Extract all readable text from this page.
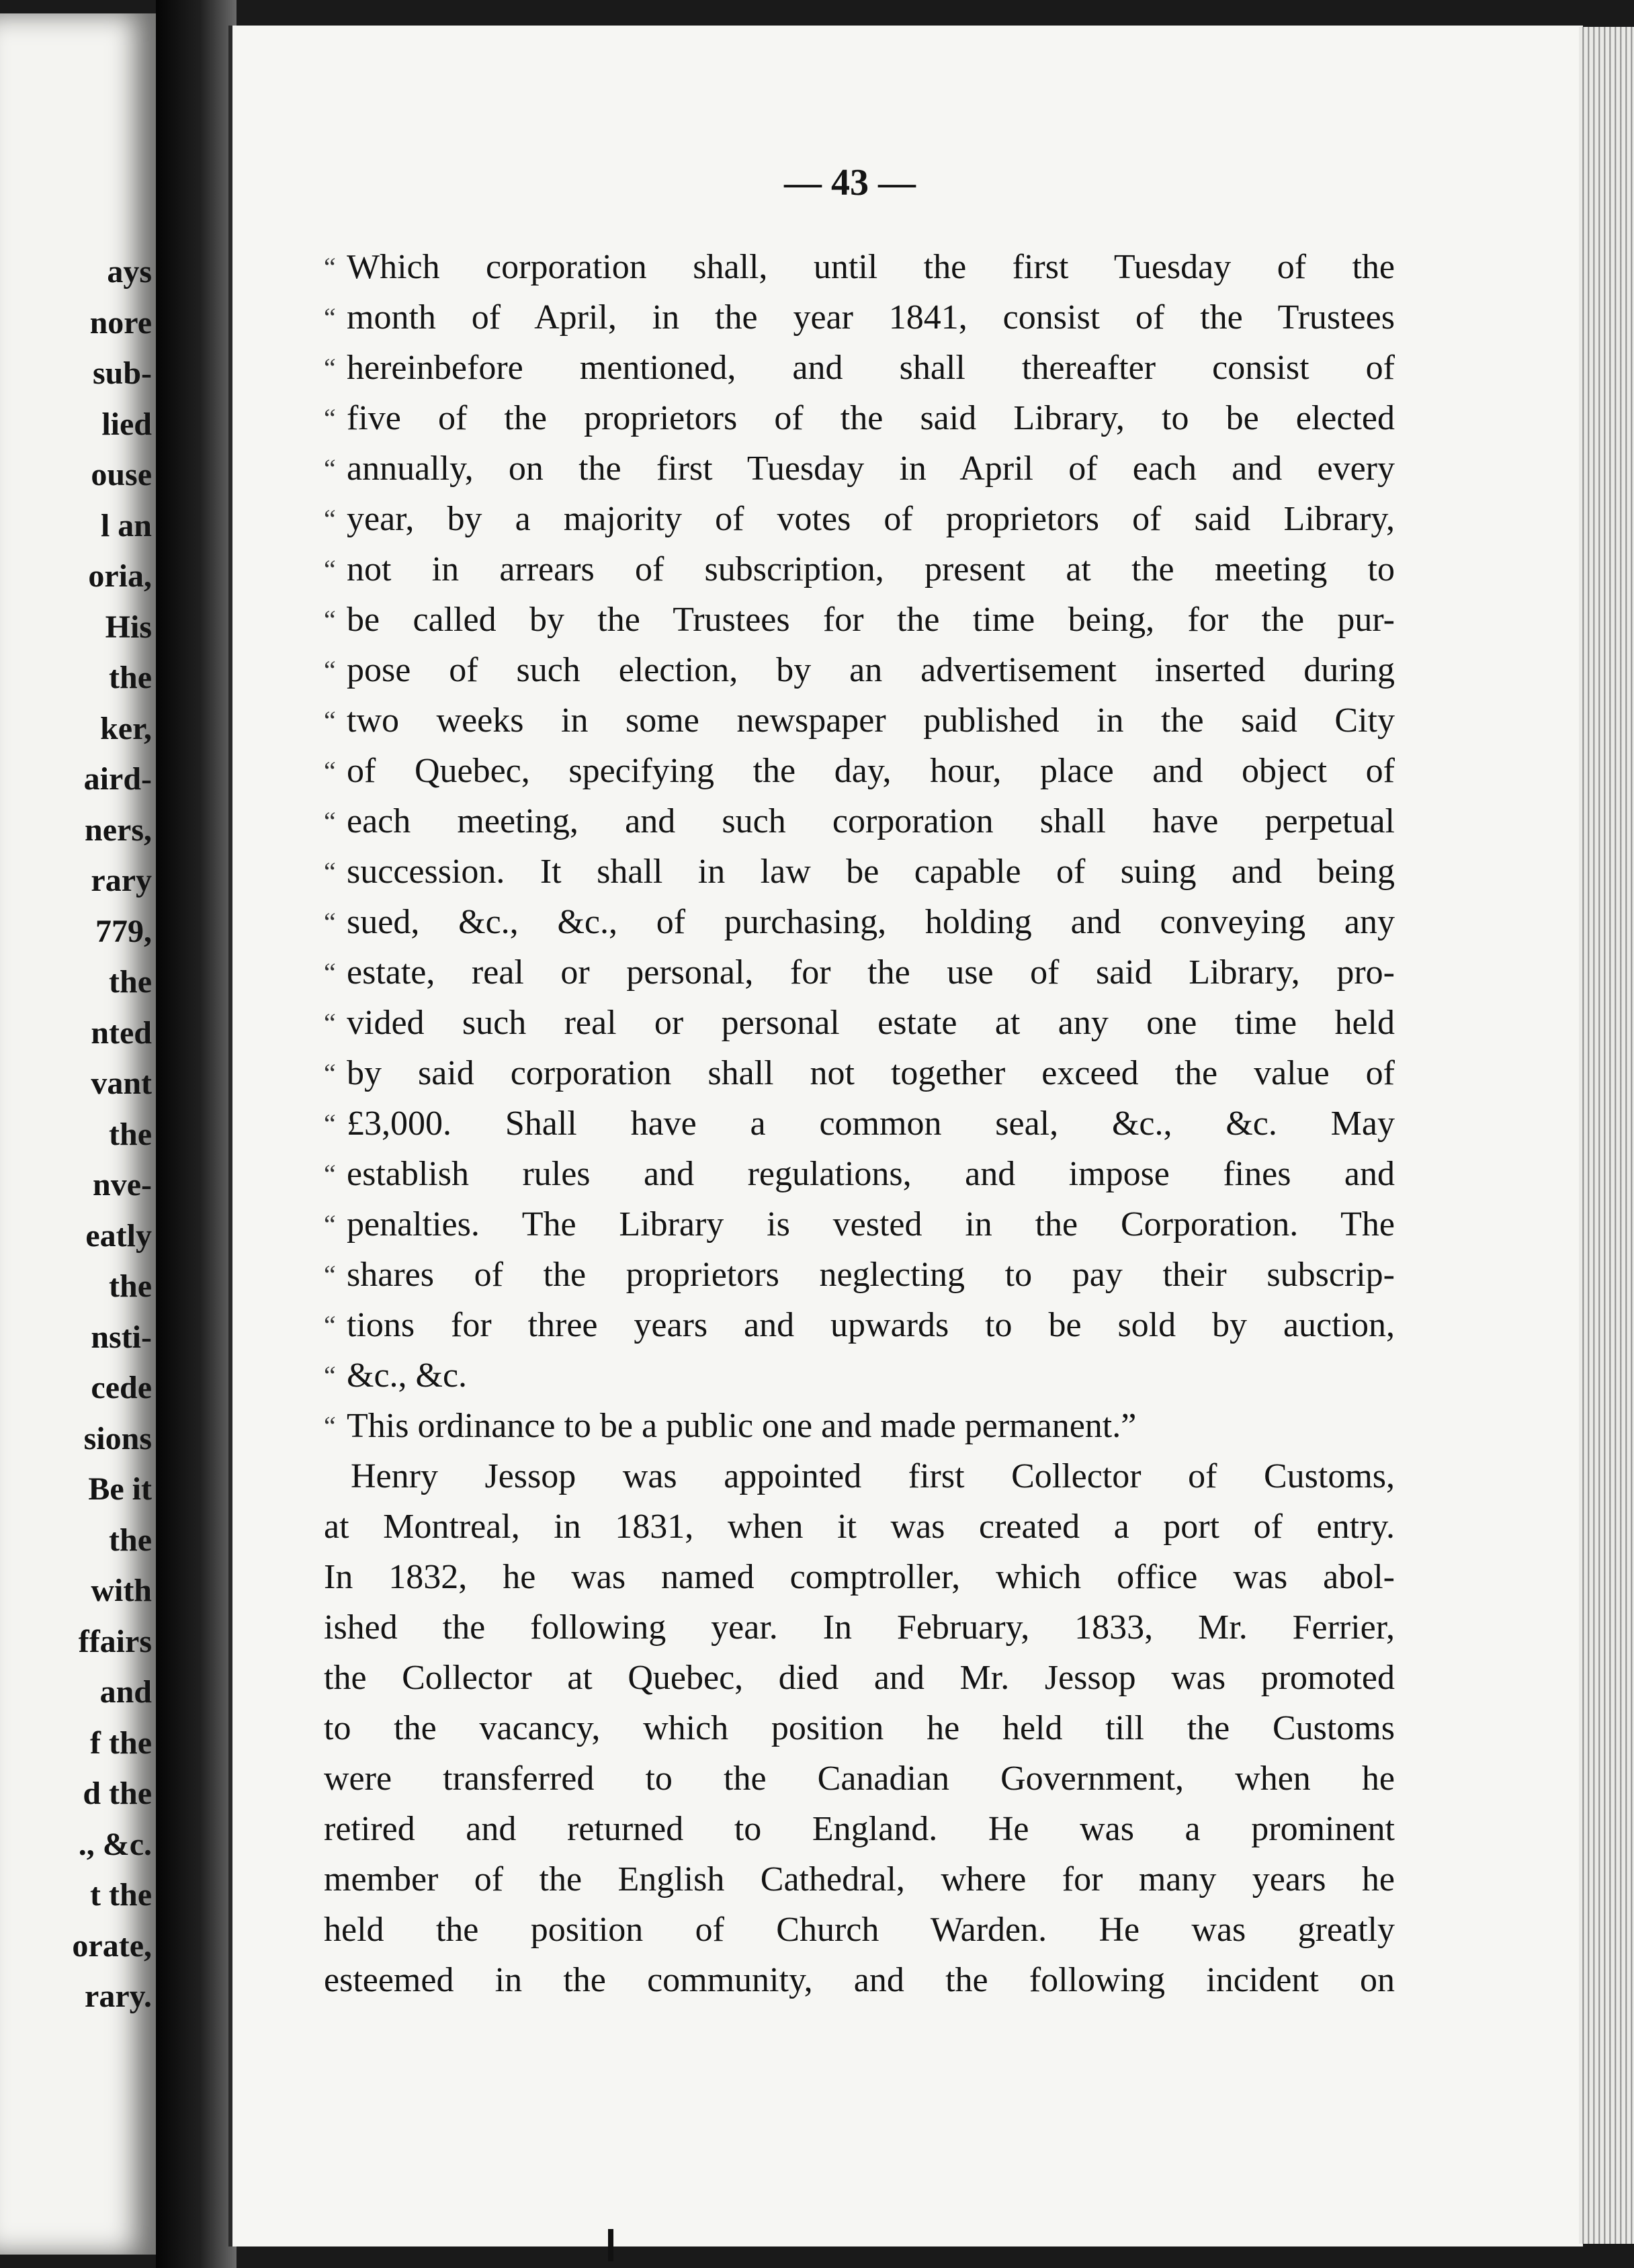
ays
nore
sub-
lied
ouse
l an
oria,
His
the
ker,
aird-
ners,
rary
779,
the
nted
vant
the
nve-
eatly
the
nsti-
cede
sions
Be it
the
with
ffairs
and
f the
d the
., &c.
t the
orate,
rary.
— 43 —
“ Which corporation shall, until the first Tuesday of the
“ month of April, in the year 1841, consist of the Trustees
“ hereinbefore mentioned, and shall thereafter consist of
“ five of the proprietors of the said Library, to be elected
“ annually, on the first Tuesday in April of each and every
“ year, by a majority of votes of proprietors of said Library,
“ not in arrears of subscription, present at the meeting to
“ be called by the Trustees for the time being, for the pur-
“ pose of such election, by an advertisement inserted during
“ two weeks in some newspaper published in the said City
“ of Quebec, specifying the day, hour, place and object of
“ each meeting, and such corporation shall have perpetual
“ succession. It shall in law be capable of suing and being
“ sued, &c., &c., of purchasing, holding and conveying any
“ estate, real or personal, for the use of said Library, pro-
“ vided such real or personal estate at any one time held
“ by said corporation shall not together exceed the value of
“ £3,000. Shall have a common seal, &c., &c. May
“ establish rules and regulations, and impose fines and
“ penalties. The Library is vested in the Corporation. The
“ shares of the proprietors neglecting to pay their subscrip-
“ tions for three years and upwards to be sold by auction,
“ &c., &c.
“ This ordinance to be a public one and made permanent.”
Henry Jessop was appointed first Collector of Customs,
at Montreal, in 1831, when it was created a port of entry.
In 1832, he was named comptroller, which office was abol-
ished the following year. In February, 1833, Mr. Ferrier,
the Collector at Quebec, died and Mr. Jessop was promoted
to the vacancy, which position he held till the Customs
were transferred to the Canadian Government, when he
retired and returned to England. He was a prominent
member of the English Cathedral, where for many years he
held the position of Church Warden. He was greatly
esteemed in the community, and the following incident on
